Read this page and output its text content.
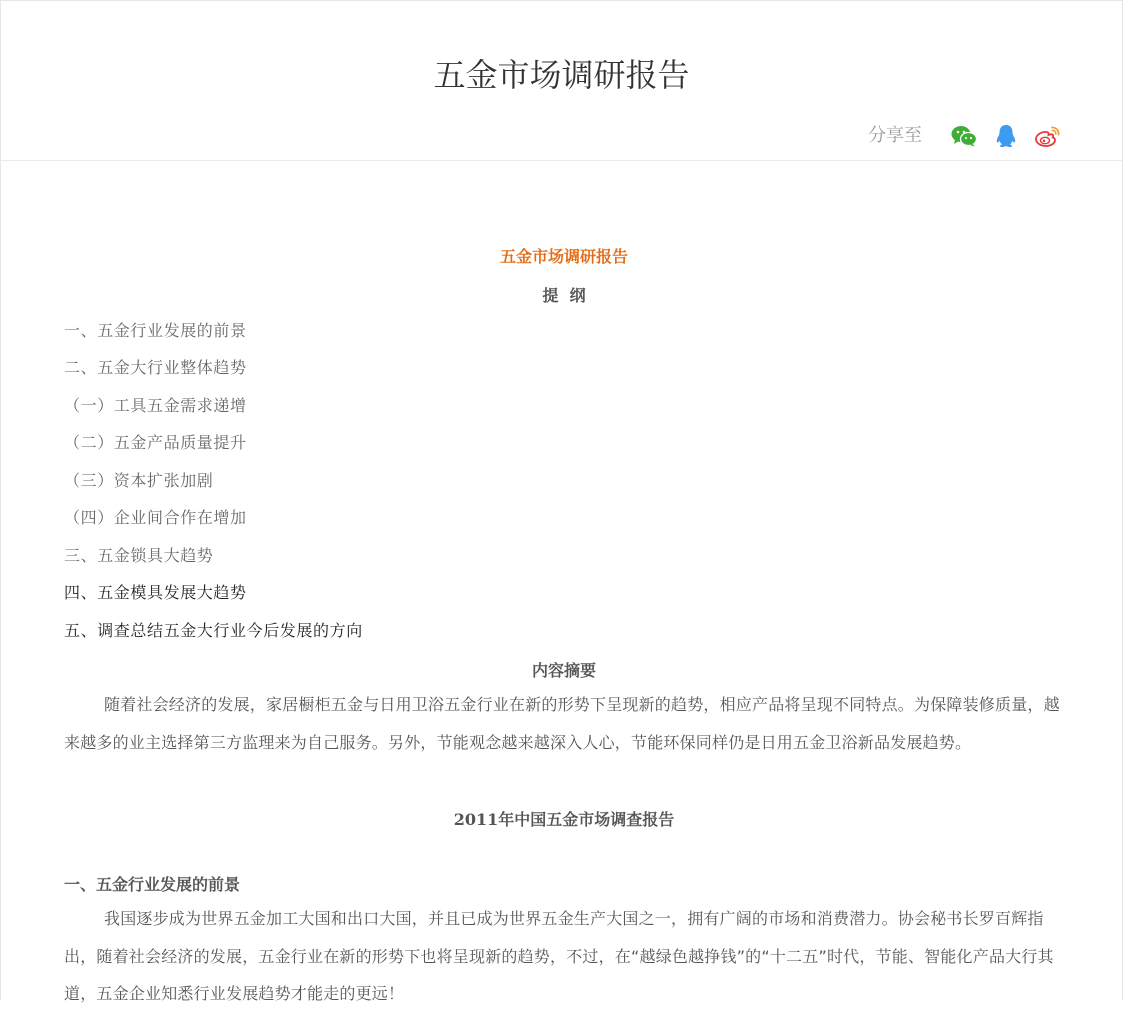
五金市场调研报告
分享至
五金市场调研报告
提  纲

一、五金行业发展的前景

二、五金大行业整体趋势

（一）工具五金需求递增

（二）五金产品质量提升

（三）资本扩张加剧

（四）企业间合作在增加

三、五金锁具大趋势

四、五金模具发展大趋势

五、调查总结五金大行业今后发展的方向

内容摘要

随着社会经济的发展，家居橱柜五金与日用卫浴五金行业在新的形势下呈现新的趋势，相应产品将呈现不同特点。为保障装修质量，越来越多的业主选择第三方监理来为自己服务。另外，节能观念越来越深入人心，节能环保同样仍是日用五金卫浴新品发展趋势。

2011年中国五金市场调查报告
一、五金行业发展的前景

我国逐步成为世界五金加工大国和出口大国，并且已成为世界五金生产大国之一，拥有广阔的市场和消费潜力。协会秘书长罗百辉指出，随着社会经济的发展，五金行业在新的形势下也将呈现新的趋势，不过，在“越绿色越挣钱”的“十二五”时代，节能、智能化产品大行其道，五金企业知悉行业发展趋势才能走的更远！
